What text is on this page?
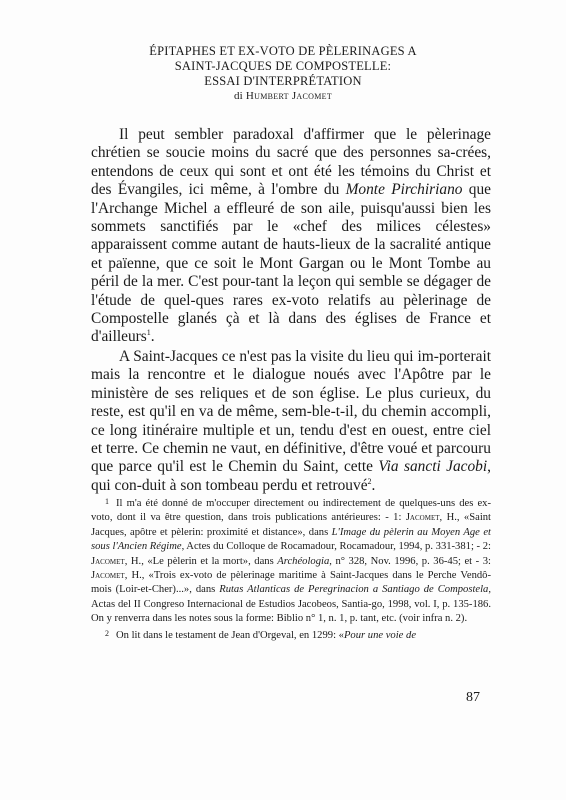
ÉPITAPHES ET EX-VOTO DE PÈLERINAGES A
SAINT-JACQUES DE COMPOSTELLE:
ESSAI D'INTERPRÉTATION
di Humbert Jacomet

Il peut sembler paradoxal d'affirmer que le pèlerinage chrétien se soucie moins du sacré que des personnes sa-crées, entendons de ceux qui sont et ont été les témoins du Christ et des Évangiles, ici même, à l'ombre du Monte Pirchiriano que l'Archange Michel a effleuré de son aile, puisqu'aussi bien les sommets sanctifiés par le «chef des milices célestes» apparaissent comme autant de hauts-lieux de la sacralité antique et païenne, que ce soit le Mont Gargan ou le Mont Tombe au péril de la mer. C'est pour-tant la leçon qui semble se dégager de l'étude de quel-ques rares ex-voto relatifs au pèlerinage de Compostelle glanés çà et là dans des églises de France et d'ailleurs$^1$.

A Saint-Jacques ce n'est pas la visite du lieu qui im-porterait mais la rencontre et le dialogue noués avec l'Apôtre par le ministère de ses reliques et de son église. Le plus curieux, du reste, est qu'il en va de même, sem-ble-t-il, du chemin accompli, ce long itinéraire multiple et un, tendu d'est en ouest, entre ciel et terre. Ce chemin ne vaut, en définitive, d'être voué et parcouru que parce qu'il est le Chemin du Saint, cette Via sancti Jacobi, qui con-duit à son tombeau perdu et retrouvé$^2$.

1 Il m'a été donné de m'occuper directement ou indirectement de quelques-uns des ex-voto, dont il va être question, dans trois publications antérieures: - 1: Jacomet, H., «Saint Jacques, apôtre et pèlerin: proximité et distance», dans L'Image du pèlerin au Moyen Age et sous l'Ancien Régime, Actes du Colloque de Rocamadour, Rocamadour, 1994, p. 331-381; - 2: Jacomet, H., «Le pèlerin et la mort», dans Archéologia, n° 328, Nov. 1996, p. 36-45; et - 3: Jacomet, H., «Trois ex-voto de pèlerinage maritime à Saint-Jacques dans le Perche Vendô-mois (Loir-et-Cher)...», dans Rutas Atlanticas de Peregrinacion a Santiago de Compostela, Actas del II Congreso Internacional de Estudios Jacobeos, Santia-go, 1998, vol. I, p. 135-186. On y renverra dans les notes sous la forme: Biblio n° 1, n. 1, p. tant, etc. (voir infra n. 2).

2 On lit dans le testament de Jean d'Orgeval, en 1299: «Pour une voie de

87
